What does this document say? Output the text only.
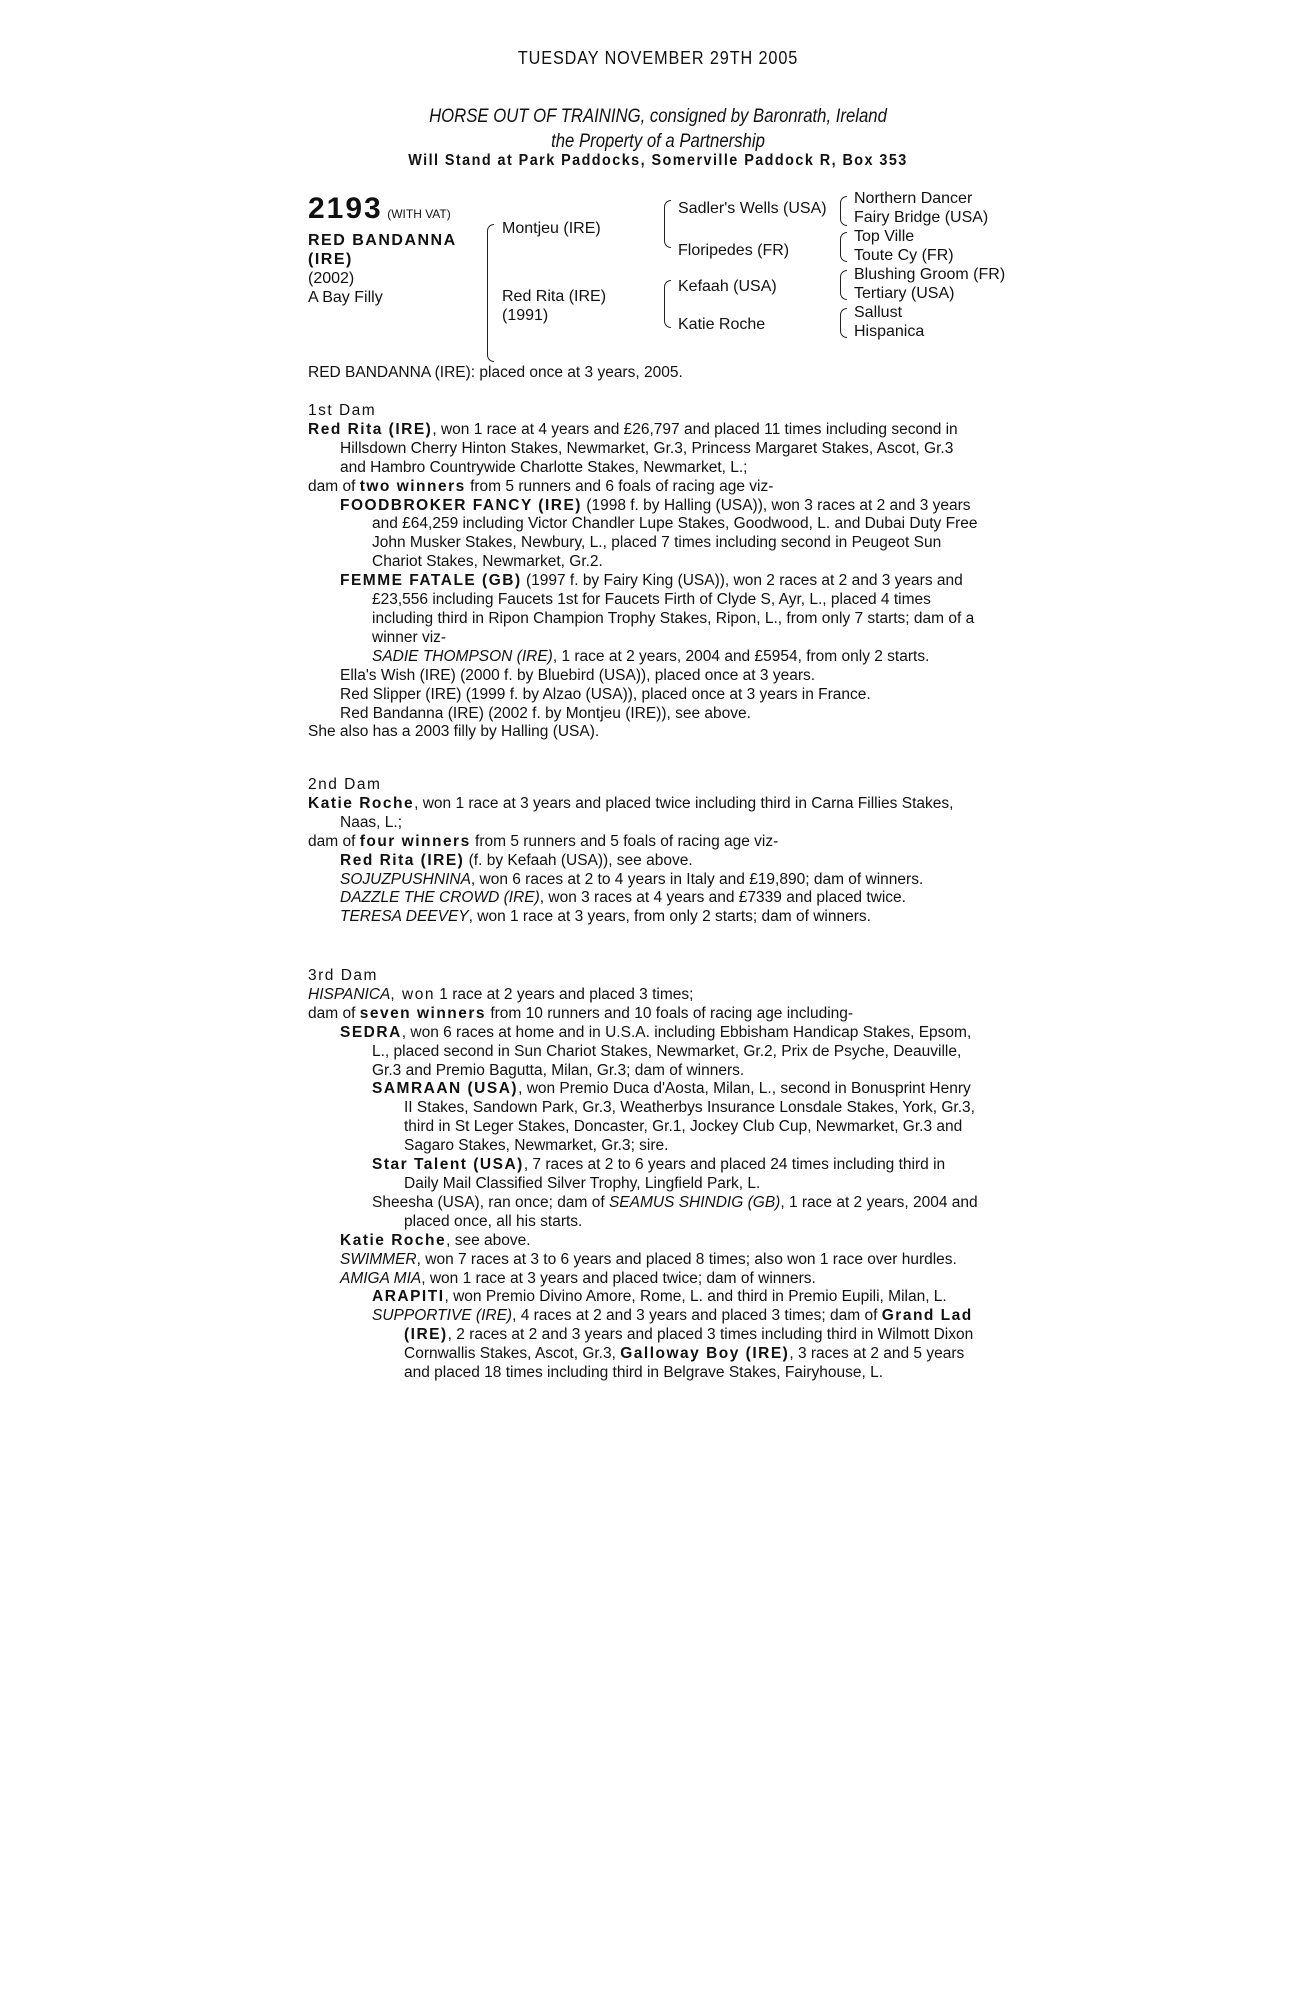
TUESDAY NOVEMBER 29TH 2005
HORSE OUT OF TRAINING, consigned by Baronrath, Ireland
the Property of a Partnership
Will Stand at Park Paddocks, Somerville Paddock R, Box 353
2193 (WITH VAT)
RED BANDANNA
(IRE)
(2002)
A Bay Filly
Montjeu (IRE)
Red Rita (IRE)
(1991)
Sadler's Wells (USA)
Floripedes (FR)
Kefaah (USA)
Katie Roche
Northern Dancer
Fairy Bridge (USA)
Top Ville
Toute Cy (FR)
Blushing Groom (FR)
Tertiary (USA)
Sallust
Hispanica
RED BANDANNA (IRE): placed once at 3 years, 2005.

1st Dam

Red Rita (IRE), won 1 race at 4 years and £26,797 and placed 11 times including second in Hillsdown Cherry Hinton Stakes, Newmarket, Gr.3, Princess Margaret Stakes, Ascot, Gr.3 and Hambro Countrywide Charlotte Stakes, Newmarket, L.;

dam of two winners from 5 runners and 6 foals of racing age viz-

FOODBROKER FANCY (IRE) (1998 f. by Halling (USA)), won 3 races at 2 and 3 years and £64,259 including Victor Chandler Lupe Stakes, Goodwood, L. and Dubai Duty Free John Musker Stakes, Newbury, L., placed 7 times including second in Peugeot Sun Chariot Stakes, Newmarket, Gr.2.

FEMME FATALE (GB) (1997 f. by Fairy King (USA)), won 2 races at 2 and 3 years and £23,556 including Faucets 1st for Faucets Firth of Clyde S, Ayr, L., placed 4 times including third in Ripon Champion Trophy Stakes, Ripon, L., from only 7 starts; dam of a winner viz-

SADIE THOMPSON (IRE), 1 race at 2 years, 2004 and £5954, from only 2 starts.

Ella's Wish (IRE) (2000 f. by Bluebird (USA)), placed once at 3 years.

Red Slipper (IRE) (1999 f. by Alzao (USA)), placed once at 3 years in France.

Red Bandanna (IRE) (2002 f. by Montjeu (IRE)), see above.

She also has a 2003 filly by Halling (USA).

2nd Dam

Katie Roche, won 1 race at 3 years and placed twice including third in Carna Fillies Stakes, Naas, L.;

dam of four winners from 5 runners and 5 foals of racing age viz-

Red Rita (IRE) (f. by Kefaah (USA)), see above.

SOJUZPUSHNINA, won 6 races at 2 to 4 years in Italy and £19,890; dam of winners.

DAZZLE THE CROWD (IRE), won 3 races at 4 years and £7339 and placed twice.

TERESA DEEVEY, won 1 race at 3 years, from only 2 starts; dam of winners.

3rd Dam

HISPANICA, won 1 race at 2 years and placed 3 times;

dam of seven winners from 10 runners and 10 foals of racing age including-

SEDRA, won 6 races at home and in U.S.A. including Ebbisham Handicap Stakes, Epsom, L., placed second in Sun Chariot Stakes, Newmarket, Gr.2, Prix de Psyche, Deauville, Gr.3 and Premio Bagutta, Milan, Gr.3; dam of winners.

SAMRAAN (USA), won Premio Duca d'Aosta, Milan, L., second in Bonusprint Henry II Stakes, Sandown Park, Gr.3, Weatherbys Insurance Lonsdale Stakes, York, Gr.3, third in St Leger Stakes, Doncaster, Gr.1, Jockey Club Cup, Newmarket, Gr.3 and Sagaro Stakes, Newmarket, Gr.3; sire.

Star Talent (USA), 7 races at 2 to 6 years and placed 24 times including third in Daily Mail Classified Silver Trophy, Lingfield Park, L.

Sheesha (USA), ran once; dam of SEAMUS SHINDIG (GB), 1 race at 2 years, 2004 and placed once, all his starts.

Katie Roche, see above.

SWIMMER, won 7 races at 3 to 6 years and placed 8 times; also won 1 race over hurdles.

AMIGA MIA, won 1 race at 3 years and placed twice; dam of winners.

ARAPITI, won Premio Divino Amore, Rome, L. and third in Premio Eupili, Milan, L.

SUPPORTIVE (IRE), 4 races at 2 and 3 years and placed 3 times; dam of Grand Lad (IRE), 2 races at 2 and 3 years and placed 3 times including third in Wilmott Dixon Cornwallis Stakes, Ascot, Gr.3, Galloway Boy (IRE), 3 races at 2 and 5 years and placed 18 times including third in Belgrave Stakes, Fairyhouse, L.
